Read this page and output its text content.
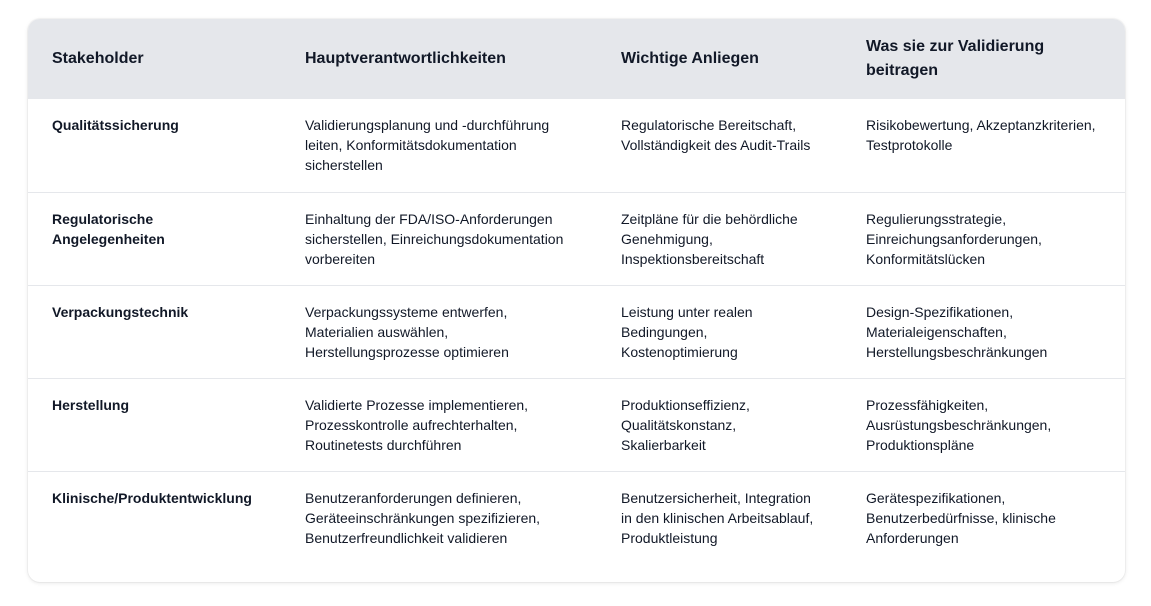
Stakeholder	Hauptverantwortlichkeiten	Wichtige Anliegen	Was sie zur Validierung beitragen
Qualitätssicherung	Validierungsplanung und -durchführung leiten, Konformitätsdokumentation sicherstellen	Regulatorische Bereitschaft, Vollständigkeit des Audit-Trails	Risikobewertung, Akzeptanzkriterien, Testprotokolle
Regulatorische Angelegenheiten	Einhaltung der FDA/ISO-Anforderungen sicherstellen, Einreichungsdokumentation vorbereiten	Zeitpläne für die behördliche Genehmigung, Inspektionsbereitschaft	Regulierungsstrategie, Einreichungsanforderungen, Konformitätslücken
Verpackungstechnik	Verpackungssysteme entwerfen, Materialien auswählen, Herstellungsprozesse optimieren	Leistung unter realen Bedingungen, Kostenoptimierung	Design-Spezifikationen, Materialeigenschaften, Herstellungsbeschränkungen
Herstellung	Validierte Prozesse implementieren, Prozesskontrolle aufrechterhalten, Routinetests durchführen	Produktionseffizienz, Qualitätskonstanz, Skalierbarkeit	Prozessfähigkeiten, Ausrüstungsbeschränkungen, Produktionspläne
Klinische/Produktentwicklung	Benutzeranforderungen definieren, Geräteeinschränkungen spezifizieren, Benutzerfreundlichkeit validieren	Benutzersicherheit, Integration in den klinischen Arbeitsablauf, Produktleistung	Gerätespezifikationen, Benutzerbedürfnisse, klinische Anforderungen
